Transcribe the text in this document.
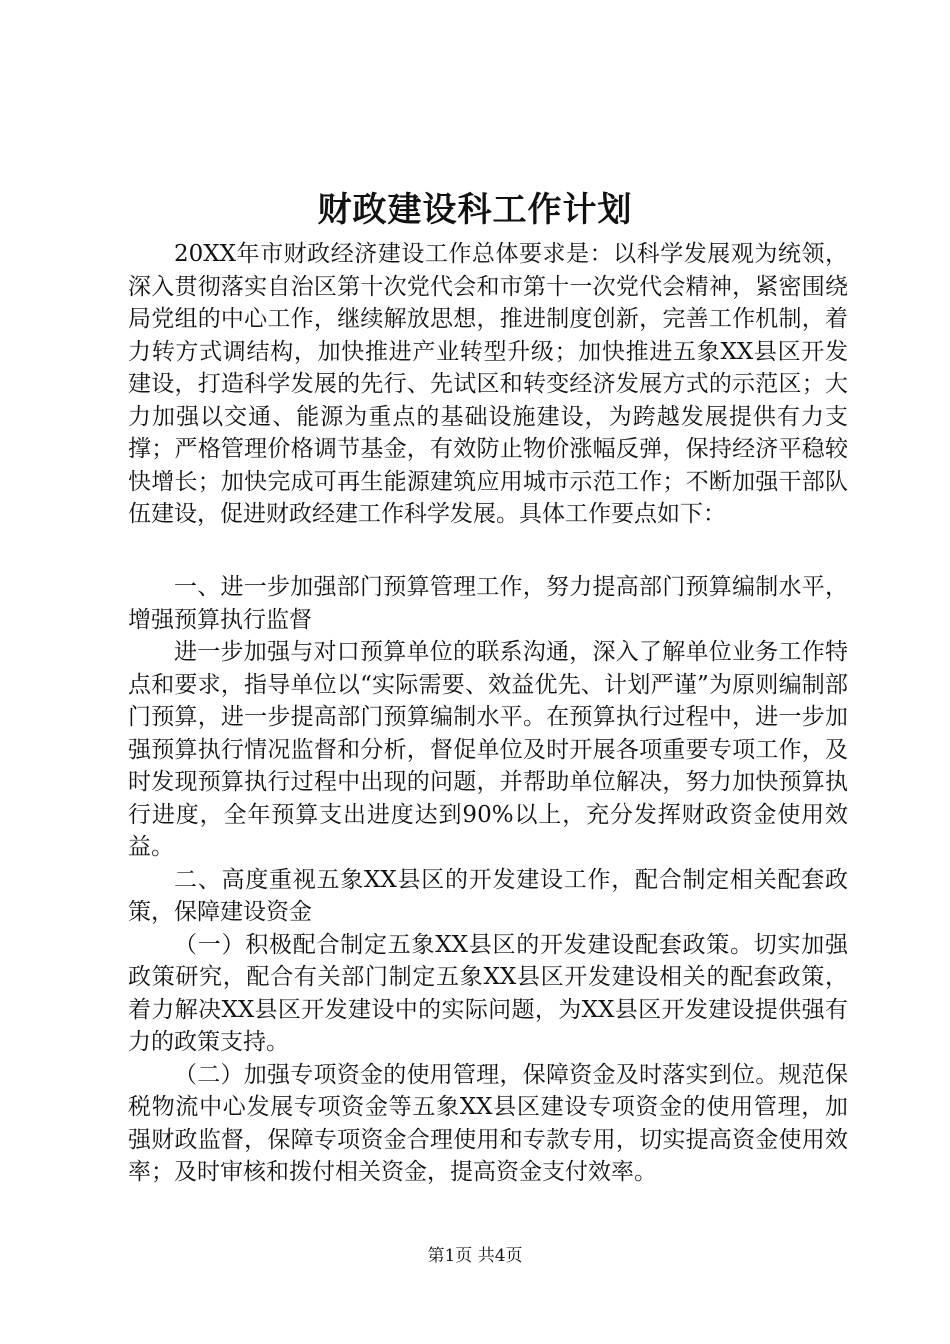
财政建设科工作计划

20XX年市财政经济建设工作总体要求是：以科学发展观为统领，深入贯彻落实自治区第十次党代会和市第十一次党代会精神，紧密围绕局党组的中心工作，继续解放思想，推进制度创新，完善工作机制，着力转方式调结构，加快推进产业转型升级；加快推进五象XX县区开发建设，打造科学发展的先行、先试区和转变经济发展方式的示范区；大力加强以交通、能源为重点的基础设施建设，为跨越发展提供有力支撑；严格管理价格调节基金，有效防止物价涨幅反弹，保持经济平稳较快增长；加快完成可再生能源建筑应用城市示范工作；不断加强干部队伍建设，促进财政经建工作科学发展。具体工作要点如下：

一、进一步加强部门预算管理工作，努力提高部门预算编制水平，增强预算执行监督

进一步加强与对口预算单位的联系沟通，深入了解单位业务工作特点和要求，指导单位以“实际需要、效益优先、计划严谨”为原则编制部门预算，进一步提高部门预算编制水平。在预算执行过程中，进一步加强预算执行情况监督和分析，督促单位及时开展各项重要专项工作，及时发现预算执行过程中出现的问题，并帮助单位解决，努力加快预算执行进度，全年预算支出进度达到90%以上，充分发挥财政资金使用效益。

二、高度重视五象XX县区的开发建设工作，配合制定相关配套政策，保障建设资金

（一）积极配合制定五象XX县区的开发建设配套政策。切实加强政策研究，配合有关部门制定五象XX县区开发建设相关的配套政策，着力解决XX县区开发建设中的实际问题，为XX县区开发建设提供强有力的政策支持。

（二）加强专项资金的使用管理，保障资金及时落实到位。规范保税物流中心发展专项资金等五象XX县区建设专项资金的使用管理，加强财政监督，保障专项资金合理使用和专款专用，切实提高资金使用效率；及时审核和拨付相关资金，提高资金支付效率。

第1页 共4页
